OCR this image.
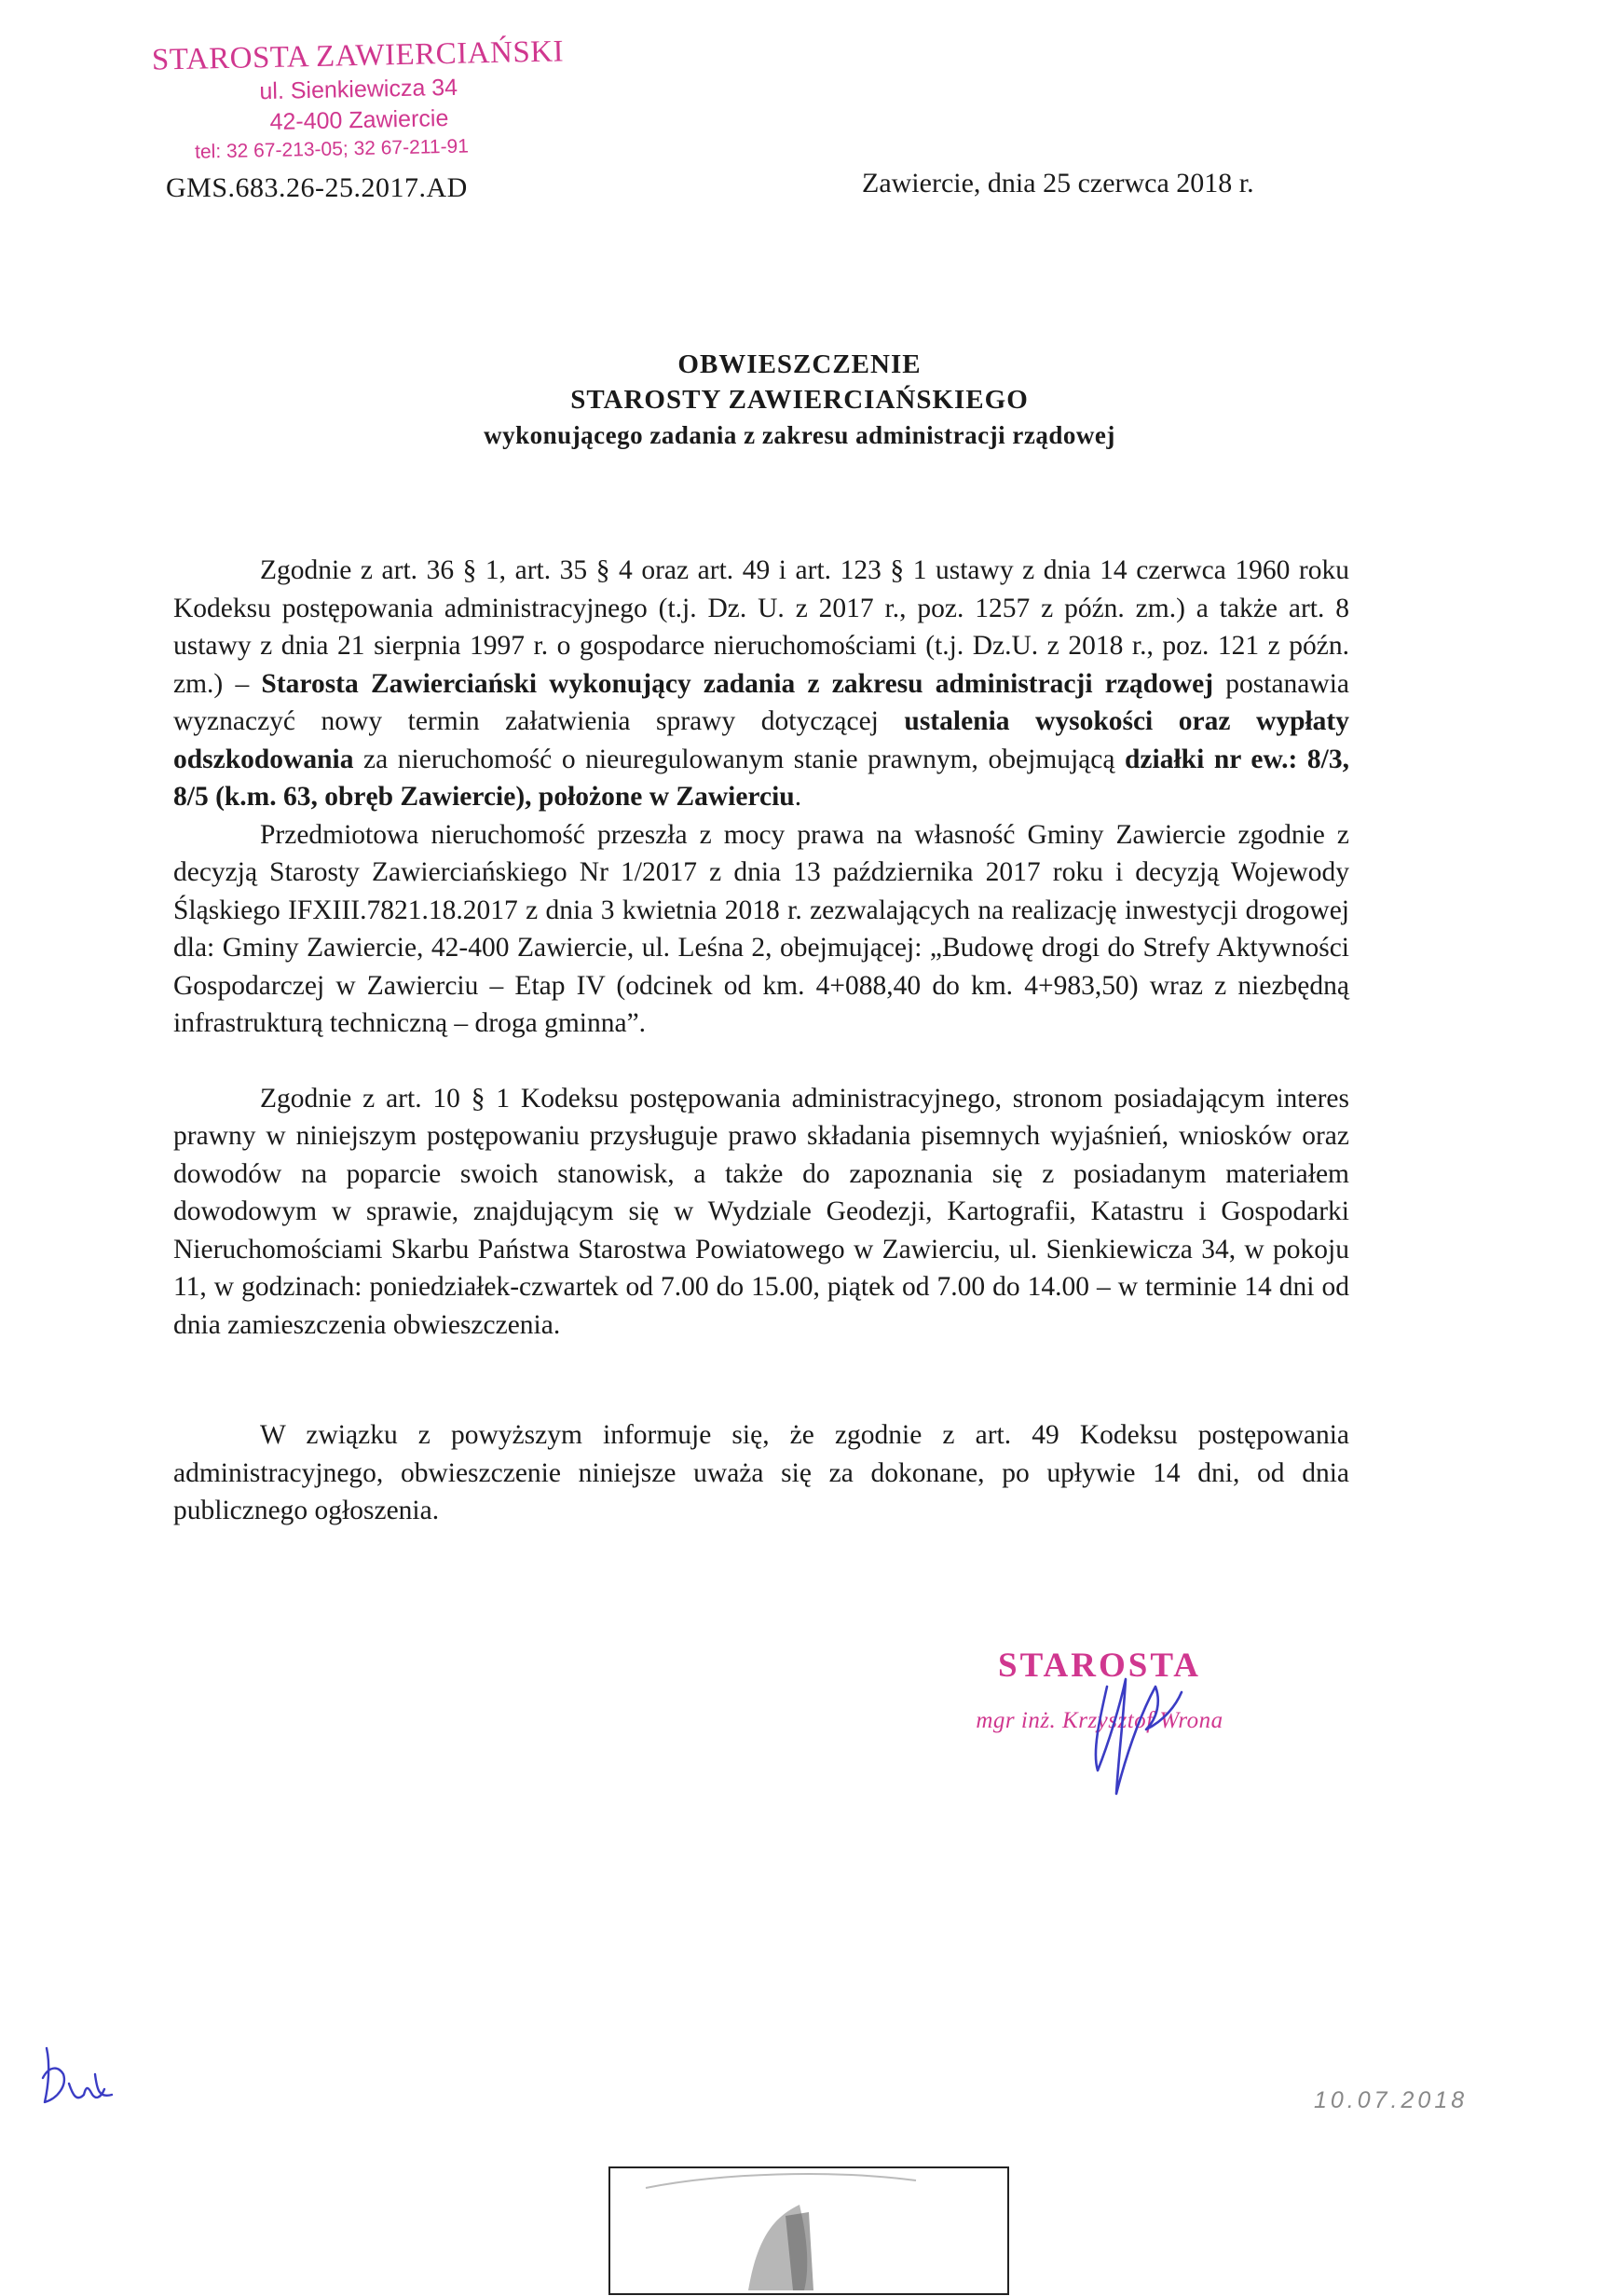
STAROSTA ZAWIERCIAŃSKI
ul. Sienkiewicza 34
42-400 Zawiercie
tel: 32 67-213-05; 32 67-211-91
GMS.683.26-25.2017.AD	Zawiercie, dnia 25 czerwca 2018 r.
OBWIESZCZENIE
STAROSTY ZAWIERCIAŃSKIEGO
wykonującego zadania z zakresu administracji rządowej

Zgodnie z art. 36 § 1, art. 35 § 4 oraz art. 49 i art. 123 § 1 ustawy z dnia 14 czerwca 1960 roku Kodeksu postępowania administracyjnego (t.j. Dz. U. z 2017 r., poz. 1257 z późn. zm.) a także art. 8 ustawy z dnia 21 sierpnia 1997 r. o gospodarce nieruchomościami (t.j. Dz.U. z 2018 r., poz. 121 z późn. zm.) – Starosta Zawierciański wykonujący zadania z zakresu administracji rządowej postanawia wyznaczyć nowy termin załatwienia sprawy dotyczącej ustalenia wysokości oraz wypłaty odszkodowania za nieruchomość o nieuregulowanym stanie prawnym, obejmującą działki nr ew.: 8/3, 8/5 (k.m. 63, obręb Zawiercie), położone w Zawierciu.

Przedmiotowa nieruchomość przeszła z mocy prawa na własność Gminy Zawiercie zgodnie z decyzją Starosty Zawierciańskiego Nr 1/2017 z dnia 13 października 2017 roku i decyzją Wojewody Śląskiego IFXIII.7821.18.2017 z dnia 3 kwietnia 2018 r. zezwalających na realizację inwestycji drogowej dla: Gminy Zawiercie, 42-400 Zawiercie, ul. Leśna 2, obejmującej: „Budowę drogi do Strefy Aktywności Gospodarczej w Zawierciu – Etap IV (odcinek od km. 4+088,40 do km. 4+983,50) wraz z niezbędną infrastrukturą techniczną – droga gminna”.

Zgodnie z art. 10 § 1 Kodeksu postępowania administracyjnego, stronom posiadającym interes prawny w niniejszym postępowaniu przysługuje prawo składania pisemnych wyjaśnień, wniosków oraz dowodów na poparcie swoich stanowisk, a także do zapoznania się z posiadanym materiałem dowodowym w sprawie, znajdującym się w Wydziale Geodezji, Kartografii, Katastru i Gospodarki Nieruchomościami Skarbu Państwa Starostwa Powiatowego w Zawierciu, ul. Sienkiewicza 34, w pokoju 11, w godzinach: poniedziałek-czwartek od 7.00 do 15.00, piątek od 7.00 do 14.00 – w terminie 14 dni od dnia zamieszczenia obwieszczenia.

W związku z powyższym informuje się, że zgodnie z art. 49 Kodeksu postępowania administracyjnego, obwieszczenie niniejsze uważa się za dokonane, po upływie 14 dni, od dnia publicznego ogłoszenia.

STAROSTA
mgr inż. Krzysztof Wrona
10.07.2018
